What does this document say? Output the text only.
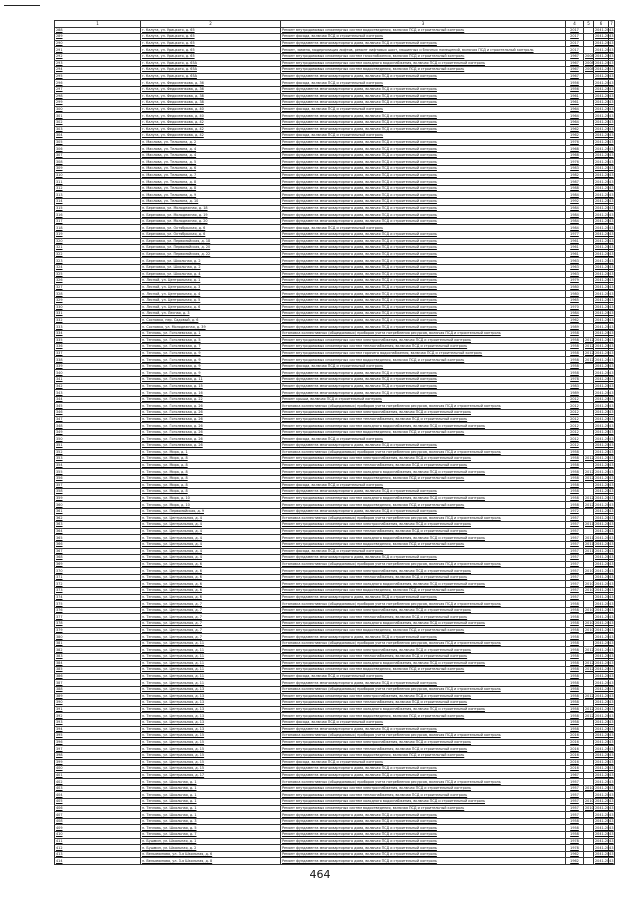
1	2	3	4	5	6	7
288	г. Калуга, ул. Урицкого, д. 65	Ремонт внутридомовых инженерных систем водоотведения, включая ПСД и строительный контроль	2017		2041-2043	
289	г. Калуга, ул. Урицкого, д. 65	Ремонт фасада, включая ПСД и строительный контроль	2017		2041-2043	
290	г. Калуга, ул. Урицкого, д. 65	Ремонт фундамента многоквартирного дома, включая ПСД и строительный контроль	2017		2041-2043	
291	г. Калуга, ул. Урицкого, д. 65	Ремонт, замена, модернизация лифтов, ремонт лифтовых шахт, машинных и блочных помещений, включая ПСД и строительный контроль	2017		2041-2043	
292	г. Калуга, ул. Урицкого, д. 65	Ремонт внутридомовых инженерных систем газоснабжения, включая ПСД и строительный контроль	1967	2008	2041-2043	
293	г. Калуга, ул. Урицкого, д. 65А	Ремонт внутридомовых инженерных систем холодного водоснабжения, включая ПСД и строительный контроль	1967	2008	2041-2043	
294	г. Калуга, ул. Урицкого, д. 65А	Ремонт внутридомовых инженерных систем водоотведения, включая ПСД и строительный контроль	1967	2008	2041-2043	
295	г. Калуга, ул. Урицкого, д. 65А	Ремонт фундамента многоквартирного дома, включая ПСД и строительный контроль	1967		2041-2043	
296	г. Калуга, ул. Федосеенкова, д. 36	Ремонт фасада, включая ПСД и строительный контроль	1956		2041-2043	
297	г. Калуга, ул. Федосеенкова, д. 36	Ремонт фундамента многоквартирного дома, включая ПСД и строительный контроль	1956		2041-2043	
298	г. Калуга, ул. Федосеенкова, д. 38	Ремонт фундамента многоквартирного дома, включая ПСД и строительный контроль	1961		2041-2043	
299	г. Калуга, ул. Федосеенкова, д. 38	Ремонт фундамента многоквартирного дома, включая ПСД и строительный контроль	1961		2041-2043	
300	г. Калуга, ул. Федосеенкова, д. 40	Ремонт фасада, включая ПСД и строительный контроль	1964		2041-2043	
301	г. Калуга, ул. Федосеенкова, д. 40	Ремонт фундамента многоквартирного дома, включая ПСД и строительный контроль	1964		2041-2043	
302	г. Калуга, ул. Федосеенкова, д. 42	Ремонт фундамента многоквартирного дома, включая ПСД и строительный контроль	1964		2041-2043	
303	г. Калуга, ул. Федосеенкова, д. 42	Ремонт фундамента многоквартирного дома, включая ПСД и строительный контроль	1962		2041-2043	
304	г. Калуга, ул. Федосеенкова, д. 42	Ремонт фасада, включая ПСД и строительный контроль	1962		2041-2043	
305	п. Маслова, ул. Тельмана, д. 2	Ремонт фундамента многоквартирного дома, включая ПСД и строительный контроль	1976		2041-2043	
306	п. Маслова, ул. Тельмана, д. 4	Ремонт фундамента многоквартирного дома, включая ПСД и строительный контроль	1968		2041-2043	
307	п. Маслова, ул. Тельмана, д. 4	Ремонт фундамента многоквартирного дома, включая ПСД и строительный контроль	1968		2041-2043	
308	п. Маслова, ул. Тельмана, д. 5	Ремонт фундамента многоквартирного дома, включая ПСД и строительный контроль	1976		2041-2043	
309	п. Маслова, ул. Тельмана, д. 6	Ремонт фундамента многоквартирного дома, включая ПСД и строительный контроль	1983		2041-2043	
310	п. Маслова, ул. Тельмана, д. 7	Ремонт фундамента многоквартирного дома, включая ПСД и строительный контроль	1982		2041-2043	
311	п. Маслова, ул. Тельмана, д. 8	Ремонт фундамента многоквартирного дома, включая ПСД и строительный контроль	1987		2041-2043	
312	п. Маслова, ул. Тельмана, д. 8	Ремонт фундамента многоквартирного дома, включая ПСД и строительный контроль	1988		2041-2043	
313	п. Маслова, ул. Тельмана, д. 9	Ремонт фундамента многоквартирного дома, включая ПСД и строительный контроль	1984		2041-2043	
314	п. Маслова, ул. Тельмана, д. 10	Ремонт фундамента многоквартирного дома, включая ПСД и строительный контроль	1992		2041-2043	
315	п. Березовка, ул. Молодежная, д. 18	Ремонт фундамента многоквартирного дома, включая ПСД и строительный контроль	1984		2041-2043	
316	п. Березовка, ул. Молодежная, д. 19	Ремонт фундамента многоквартирного дома, включая ПСД и строительный контроль	1984		2041-2043	
317	п. Березовка, ул. Молодежная, д. 20	Ремонт фундамента многоквартирного дома, включая ПСД и строительный контроль	1984		2041-2043	
318	п. Березовка, ул. Октябрьская, д. 6	Ремонт фасада, включая ПСД и строительный контроль	1984		2041-2043	
319	п. Березовка, ул. Октябрьская, д. 6	Ремонт фундамента многоквартирного дома, включая ПСД и строительный контроль	1977		2041-2043	
320	п. Березовка, ул. Первомайская, д. 18	Ремонт фундамента многоквартирного дома, включая ПСД и строительный контроль	1961		2041-2043	
321	п. Березовка, ул. Первомайская, д. 20	Ремонт фундамента многоквартирного дома, включая ПСД и строительный контроль	1961		2041-2043	
322	п. Березовка, ул. Первомайская, д. 22	Ремонт фундамента многоквартирного дома, включая ПСД и строительный контроль	1961		2041-2043	
323	п. Березовка, ул. Школьная, д. 2	Ремонт фундамента многоквартирного дома, включая ПСД и строительный контроль	1963		2041-2043	
324	п. Березовка, ул. Школьная, д. 2	Ремонт фундамента многоквартирного дома, включая ПСД и строительный контроль	1963		2041-2043	
325	п. Березовка, ул. Школьная, д. 4	Ремонт фундамента многоквартирного дома, включая ПСД и строительный контроль	1963		2041-2043	
326	п. Лесной, ул. Центральная, д. 1	Ремонт фундамента многоквартирного дома, включая ПСД и строительный контроль	1979		2041-2043	
327	п. Лесной, ул. Центральная, д. 3	Ремонт фундамента многоквартирного дома, включая ПСД и строительный контроль	1980		2041-2043	
328	п. Лесной, ул. Центральная, д. 4	Ремонт фундамента многоквартирного дома, включая ПСД и строительный контроль	1980		2041-2043	
329	п. Лесной, ул. Центральная, д. 5	Ремонт фундамента многоквартирного дома, включая ПСД и строительный контроль	1965		2041-2043	
330	п. Лесной, ул. Центральная, д. 6	Ремонт фундамента многоквартирного дома, включая ПСД и строительный контроль	1970		2041-2043	
331	п. Лесной, ул. Лесная, д. 3	Ремонт фундамента многоквартирного дома, включая ПСД и строительный контроль	1984		2041-2043	
332	п. Сосновка, пер. Садовый, д. 6	Ремонт фундамента многоквартирного дома, включая ПСД и строительный контроль	1962		2041-2043	
333	п. Сосновка, ул. Молодежная, д. 39	Ремонт фундамента многоквартирного дома, включая ПСД и строительный контроль	1989		2041-2043	
334	п. Тепловь, ул. Гоголевская, д. 1	Установка коллективных (общедомовых) приборов учета потребления ресурсов, включая ПСД и строительный контроль	1958		2041-2043	
335	п. Тепловь, ул. Гоголевская, д. 5	Ремонт внутридомовых инженерных систем электроснабжения, включая ПСД и строительный контроль	1958	2012	2041-2043	
336	п. Тепловь, ул. Гоголевская, д. 7	Ремонт внутридомовых инженерных систем теплоснабжения, включая ПСД и строительный контроль	1958	2012	2041-2043	
337	п. Тепловь, ул. Гоголевская, д. 9	Ремонт внутридомовых инженерных систем горячего водоснабжения, включая ПСД и строительный контроль	1958	2012	2041-2043	
338	п. Тепловь, ул. Гоголевская, д. 9	Ремонт внутридомовых инженерных систем водоотведения, включая ПСД и строительный контроль	1958	2012	2041-2043	
339	п. Тепловь, ул. Гоголевская, д. 9	Ремонт фасада, включая ПСД и строительный контроль	1958		2041-2043	
340	п. Тепловь, ул. Гоголевская, д. 9	Ремонт фундамента многоквартирного дома, включая ПСД и строительный контроль	1958		2041-2043	
341	п. Тепловь, ул. Гоголевская, д. 11	Ремонт фундамента многоквартирного дома, включая ПСД и строительный контроль	1978		2041-2043	
342	п. Тепловь, ул. Гоголевская, д. 15	Ремонт фундамента многоквартирного дома, включая ПСД и строительный контроль	1983		2041-2043	
343	п. Тепловь, ул. Гоголевская, д. 16	Ремонт фундамента многоквартирного дома, включая ПСД и строительный контроль	1989		2041-2043	
344	п. Тепловь, ул. Гоголевская, д. 22	Ремонт крыши, включая ПСД и строительный контроль	2012		2041-2043	
345	п. Тепловь, ул. Гоголевская, д. 26	Установка коллективных (общедомовых) приборов учета потребления ресурсов, включая ПСД и строительный контроль	2012		2041-2043	
346	п. Тепловь, ул. Гоголевская, д. 26	Ремонт внутридомовых инженерных систем электроснабжения, включая ПСД и строительный контроль	2012		2041-2043	
347	п. Тепловь, ул. Гоголевская, д. 26	Ремонт внутридомовых инженерных систем теплоснабжения, включая ПСД и строительный контроль	2012		2041-2043	
348	п. Тепловь, ул. Гоголевская, д. 26	Ремонт внутридомовых инженерных систем холодного водоснабжения, включая ПСД и строительный контроль	2012		2041-2043	
349	п. Тепловь, ул. Гоголевская, д. 26	Ремонт внутридомовых инженерных систем водоотведения, включая ПСД и строительный контроль	2012		2041-2043	
350	п. Тепловь, ул. Гоголевская, д. 26	Ремонт фасада, включая ПСД и строительный контроль	2012		2041-2043	
351	п. Тепловь, ул. Гоголевская, д. 26	Ремонт фундамента многоквартирного дома, включая ПСД и строительный контроль	2012		2041-2043	
352	п. Тепловь, ул. Мира, д. 1	Установка коллективных (общедомовых) приборов учета потребления ресурсов, включая ПСД и строительный контроль	1958		2041-2043	
353	п. Тепловь, ул. Мира, д. 8	Ремонт внутридомовых инженерных систем электроснабжения, включая ПСД и строительный контроль	1958	2012	2041-2043	
354	п. Тепловь, ул. Мира, д. 8	Ремонт внутридомовых инженерных систем теплоснабжения, включая ПСД и строительный контроль	1958		2041-2043	
355	п. Тепловь, ул. Мира, д. 8	Ремонт внутридомовых инженерных систем холодного водоснабжения, включая ПСД и строительный контроль	1958	2012	2041-2043	
356	п. Тепловь, ул. Мира, д. 8	Ремонт внутридомовых инженерных систем водоотведения, включая ПСД и строительный контроль	1958	2012	2041-2043	
357	п. Тепловь, ул. Мира, д. 8	Ремонт фасада, включая ПСД и строительный контроль	1958		2041-2043	
358	п. Тепловь, ул. Мира, д. 8	Ремонт фундамента многоквартирного дома, включая ПСД и строительный контроль	1958		2041-2043	
359	п. Тепловь, ул. Мира, д. 10	Ремонт внутридомовых инженерных систем холодного водоснабжения, включая ПСД и строительный контроль	1958	2012	2041-2043	
360	п. Тепловь, ул. Мира, д. 10	Ремонт внутридомовых инженерных систем водоотведения, включая ПСД и строительный контроль	1958	2012	2041-2043	
361	п. Тепловь, ул. Первомайская, д. 9	Ремонт фундамента многоквартирного дома, включая ПСД и строительный контроль	1972		2041-2043	
362	п. Тепловь, ул. Центральная, д. 4	Установка коллективных (общедомовых) приборов учета потребления ресурсов, включая ПСД и строительный контроль	1957		2041-2043	
363	п. Тепловь, ул. Центральная, д. 4	Ремонт внутридомовых инженерных систем электроснабжения, включая ПСД и строительный контроль	1957	2011	2041-2043	
364	п. Тепловь, ул. Центральная, д. 4	Ремонт внутридомовых инженерных систем теплоснабжения, включая ПСД и строительный контроль	1957		2041-2043	
365	п. Тепловь, ул. Центральная, д. 4	Ремонт внутридомовых инженерных систем холодного водоснабжения, включая ПСД и строительный контроль	1957	2011	2041-2043	
366	п. Тепловь, ул. Центральная, д. 4	Ремонт внутридомовых инженерных систем водоотведения, включая ПСД и строительный контроль	1957	2011	2041-2043	
367	п. Тепловь, ул. Центральная, д. 4	Ремонт фасада, включая ПСД и строительный контроль	1957	2011	2041-2043	
368	п. Тепловь, ул. Центральная, д. 4	Ремонт фундамента многоквартирного дома, включая ПСД и строительный контроль	1957		2041-2043	
369	п. Тепловь, ул. Центральная, д. 6	Установка коллективных (общедомовых) приборов учета потребления ресурсов, включая ПСД и строительный контроль	1957		2041-2043	
370	п. Тепловь, ул. Центральная, д. 6	Ремонт внутридомовых инженерных систем электроснабжения, включая ПСД и строительный контроль	1957	2010	2041-2043	
371	п. Тепловь, ул. Центральная, д. 6	Ремонт внутридомовых инженерных систем теплоснабжения, включая ПСД и строительный контроль	1957		2041-2043	
372	п. Тепловь, ул. Центральная, д. 6	Ремонт внутридомовых инженерных систем холодного водоснабжения, включая ПСД и строительный контроль	1957	2010	2041-2043	
373	п. Тепловь, ул. Центральная, д. 6	Ремонт внутридомовых инженерных систем водоотведения, включая ПСД и строительный контроль	1957	2010	2041-2043	
374	п. Тепловь, ул. Центральная, д. 6	Ремонт фундамента многоквартирного дома, включая ПСД и строительный контроль	1957		2041-2043	
375	п. Тепловь, ул. Центральная, д. 7	Установка коллективных (общедомовых) приборов учета потребления ресурсов, включая ПСД и строительный контроль	1958		2041-2043	
376	п. Тепловь, ул. Центральная, д. 7	Ремонт внутридомовых инженерных систем электроснабжения, включая ПСД и строительный контроль	1958	2010	2041-2043	
377	п. Тепловь, ул. Центральная, д. 7	Ремонт внутридомовых инженерных систем теплоснабжения, включая ПСД и строительный контроль	1958		2041-2043	
378	п. Тепловь, ул. Центральная, д. 7	Ремонт внутридомовых инженерных систем холодного водоснабжения, включая ПСД и строительный контроль	1958	2010	2041-2043	
379	п. Тепловь, ул. Центральная, д. 7	Ремонт внутридомовых инженерных систем водоотведения, включая ПСД и строительный контроль	1958	2010	2041-2043	
380	п. Тепловь, ул. Центральная, д. 7	Ремонт фундамента многоквартирного дома, включая ПСД и строительный контроль	1958		2041-2043	
381	п. Тепловь, ул. Центральная, д. 11	Установка коллективных (общедомовых) приборов учета потребления ресурсов, включая ПСД и строительный контроль	1958		2041-2043	
382	п. Тепловь, ул. Центральная, д. 11	Ремонт внутридомовых инженерных систем электроснабжения, включая ПСД и строительный контроль	1958	2012	2041-2043	
383	п. Тепловь, ул. Центральная, д. 11	Ремонт внутридомовых инженерных систем теплоснабжения, включая ПСД и строительный контроль	1958		2041-2043	
384	п. Тепловь, ул. Центральная, д. 11	Ремонт внутридомовых инженерных систем холодного водоснабжения, включая ПСД и строительный контроль	1958	2012	2041-2043	
385	п. Тепловь, ул. Центральная, д. 11	Ремонт внутридомовых инженерных систем водоотведения, включая ПСД и строительный контроль	1958	2012	2041-2043	
386	п. Тепловь, ул. Центральная, д. 11	Ремонт фасада, включая ПСД и строительный контроль	1958		2041-2043	
387	п. Тепловь, ул. Центральная, д. 11	Ремонт фундамента многоквартирного дома, включая ПСД и строительный контроль	1958		2041-2043	
388	п. Тепловь, ул. Центральная, д. 13	Установка коллективных (общедомовых) приборов учета потребления ресурсов, включая ПСД и строительный контроль	1958		2041-2043	
389	п. Тепловь, ул. Центральная, д. 13	Ремонт внутридомовых инженерных систем электроснабжения, включая ПСД и строительный контроль	1958	2012	2041-2043	
390	п. Тепловь, ул. Центральная, д. 13	Ремонт внутридомовых инженерных систем теплоснабжения, включая ПСД и строительный контроль	1958		2041-2043	
391	п. Тепловь, ул. Центральная, д. 13	Ремонт внутридомовых инженерных систем холодного водоснабжения, включая ПСД и строительный контроль	1958	2012	2041-2043	
392	п. Тепловь, ул. Центральная, д. 13	Ремонт внутридомовых инженерных систем водоотведения, включая ПСД и строительный контроль	1958	2012	2041-2043	
393	п. Тепловь, ул. Центральная, д. 13	Ремонт фасада, включая ПСД и строительный контроль	1958		2041-2043	
394	п. Тепловь, ул. Центральная, д. 13	Ремонт фундамента многоквартирного дома, включая ПСД и строительный контроль	1958		2041-2043	
395	п. Тепловь, ул. Центральная, д. 15	Установка коллективных (общедомовых) приборов учета потребления ресурсов, включая ПСД и строительный контроль	2016		2041-2043	
396	п. Тепловь, ул. Центральная, д. 15	Ремонт внутридомовых инженерных систем электроснабжения, включая ПСД и строительный контроль	2016		2041-2043	
397	п. Тепловь, ул. Центральная, д. 15	Ремонт внутридомовых инженерных систем теплоснабжения, включая ПСД и строительный контроль	2016		2041-2043	
398	п. Тепловь, ул. Центральная, д. 15	Ремонт внутридомовых инженерных систем водоотведения, включая ПСД и строительный контроль	2016		2041-2043	
399	п. Тепловь, ул. Центральная, д. 15	Ремонт фасада, включая ПСД и строительный контроль	2016		2041-2043	
400	п. Тепловь, ул. Центральная, д. 15	Ремонт фундамента многоквартирного дома, включая ПСД и строительный контроль	2016		2041-2043	
401	п. Тепловь, ул. Центральная, д. 17	Ремонт фундамента многоквартирного дома, включая ПСД и строительный контроль	1967		2041-2043	
402	п. Тепловь, ул. Школьная, д. 1	Установка коллективных (общедомовых) приборов учета потребления ресурсов, включая ПСД и строительный контроль	1957		2041-2043	
403	п. Тепловь, ул. Школьная, д. 1	Ремонт внутридомовых инженерных систем электроснабжения, включая ПСД и строительный контроль	1957	2010	2041-2043	
404	п. Тепловь, ул. Школьная, д. 1	Ремонт внутридомовых инженерных систем теплоснабжения, включая ПСД и строительный контроль	1957		2041-2043	
405	п. Тепловь, ул. Школьная, д. 1	Ремонт внутридомовых инженерных систем холодного водоснабжения, включая ПСД и строительный контроль	1957	2010	2041-2043	
406	п. Тепловь, ул. Школьная, д. 1	Ремонт внутридомовых инженерных систем водоотведения, включая ПСД и строительный контроль	1957	2010	2041-2043	
407	п. Тепловь, ул. Школьная, д. 1	Ремонт фундамента многоквартирного дома, включая ПСД и строительный контроль	1957		2041-2043	
408	п. Тепловь, ул. Школьная, д. 3	Ремонт фундамента многоквартирного дома, включая ПСД и строительный контроль	1958		2041-2043	
409	п. Тепловь, ул. Школьная, д. 5	Ремонт фундамента многоквартирного дома, включая ПСД и строительный контроль	1958		2041-2043	
410	п. Тепловь, ул. Школьная, д. 7	Ремонт фундамента многоквартирного дома, включая ПСД и строительный контроль	1958		2041-2043	
411	п. Бушмин, ул. Школьная, д. 1	Ремонт фундамента многоквартирного дома, включая ПСД и строительный контроль	1978		2041-2043	
412	п. Бушмин, ул. Школьная, д. 2	Ремонт фундамента многоквартирного дома, включая ПСД и строительный контроль	1978		2041-2043	
413	п. Вельяминова, ул. 3-я Школьная, д. 6	Ремонт фундамента многоквартирного дома, включая ПСД и строительный контроль	1962		2041-2043	
414	п. Вельяминова, ул. 3-я Школьная, д. 8	Ремонт фундамента многоквартирного дома, включая ПСД и строительный контроль	1962		2041-2043	
464
